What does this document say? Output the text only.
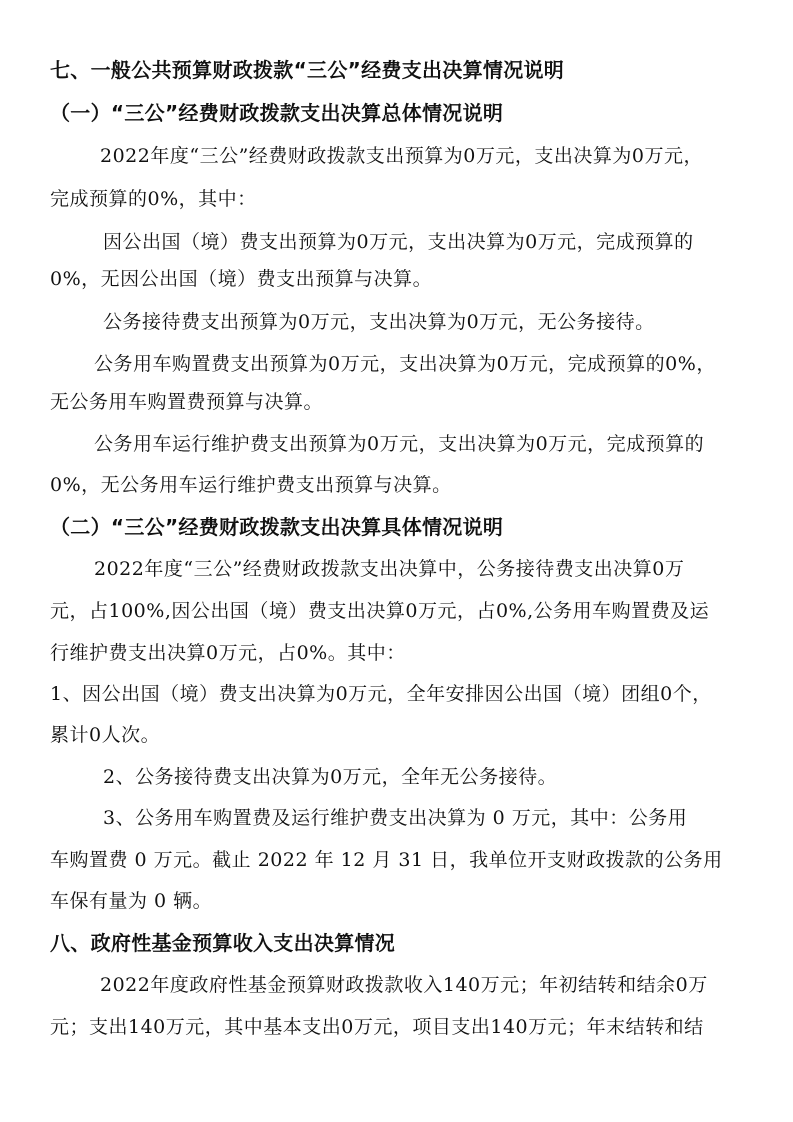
七、一般公共预算财政拨款“三公”经费支出决算情况说明

（一）“三公”经费财政拨款支出决算总体情况说明

2022年度“三公”经费财政拨款支出预算为0万元，支出决算为0万元，

完成预算的0%，其中：

因公出国（境）费支出预算为0万元，支出决算为0万元，完成预算的

0%，无因公出国（境）费支出预算与决算。

公务接待费支出预算为0万元，支出决算为0万元，无公务接待。

公务用车购置费支出预算为0万元，支出决算为0万元，完成预算的0%，

无公务用车购置费预算与决算。

公务用车运行维护费支出预算为0万元，支出决算为0万元，完成预算的

0%，无公务用车运行维护费支出预算与决算。

（二）“三公”经费财政拨款支出决算具体情况说明

2022年度“三公”经费财政拨款支出决算中，公务接待费支出决算0万

元，占100%,因公出国（境）费支出决算0万元，占0%,公务用车购置费及运

行维护费支出决算0万元，占0%。其中：

1、因公出国（境）费支出决算为0万元，全年安排因公出国（境）团组0个，

累计0人次。

2、公务接待费支出决算为0万元，全年无公务接待。

3、公务用车购置费及运行维护费支出决算为 0 万元，其中：公务用

车购置费 0 万元。截止 2022 年 12 月 31 日，我单位开支财政拨款的公务用

车保有量为 0 辆。

八、政府性基金预算收入支出决算情况

2022年度政府性基金预算财政拨款收入140万元；年初结转和结余0万

元；支出140万元，其中基本支出0万元，项目支出140万元；年末结转和结
